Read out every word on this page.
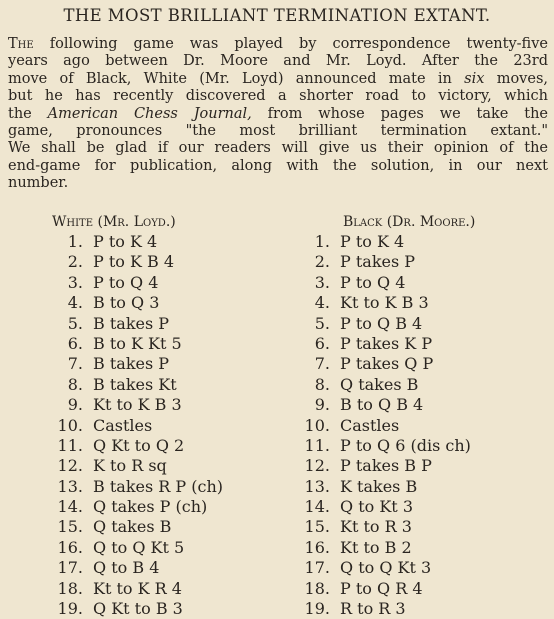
THE MOST BRILLIANT TERMINATION EXTANT.
The following game was played by correspondence twenty-five
years ago between Dr. Moore and Mr. Loyd. After the 23rd
move of Black, White (Mr. Loyd) announced mate in six moves,
but he has recently discovered a shorter road to victory, which
the American Chess Journal, from whose pages we take the
game, pronounces "the most brilliant termination extant."
We shall be glad if our readers will give us their opinion of the
end-game for publication, along with the solution, in our next
number.
White (Mr. Loyd.)	Black (Dr. Moore.)
1. P to K 4
2. P to K B 4
3. P to Q 4
4. B to Q 3
5. B takes P
6. B to K Kt 5
7. B takes P
8. B takes Kt
9. Kt to K B 3
10. Castles
11. Q Kt to Q 2
12. K to R sq
13. B takes R P (ch)
14. Q takes P (ch)
15. Q takes B
16. Q to Q Kt 5
17. Q to B 4
18. Kt to K R 4
19. Q Kt to B 3
1. P to K 4
2. P takes P
3. P to Q 4
4. Kt to K B 3
5. P to Q B 4
6. P takes K P
7. P takes Q P
8. Q takes B
9. B to Q B 4
10. Castles
11. P to Q 6 (dis ch)
12. P takes B P
13. K takes B
14. Q to Kt 3
15. Kt to R 3
16. Kt to B 2
17. Q to Q Kt 3
18. P to Q R 4
19. R to R 3
